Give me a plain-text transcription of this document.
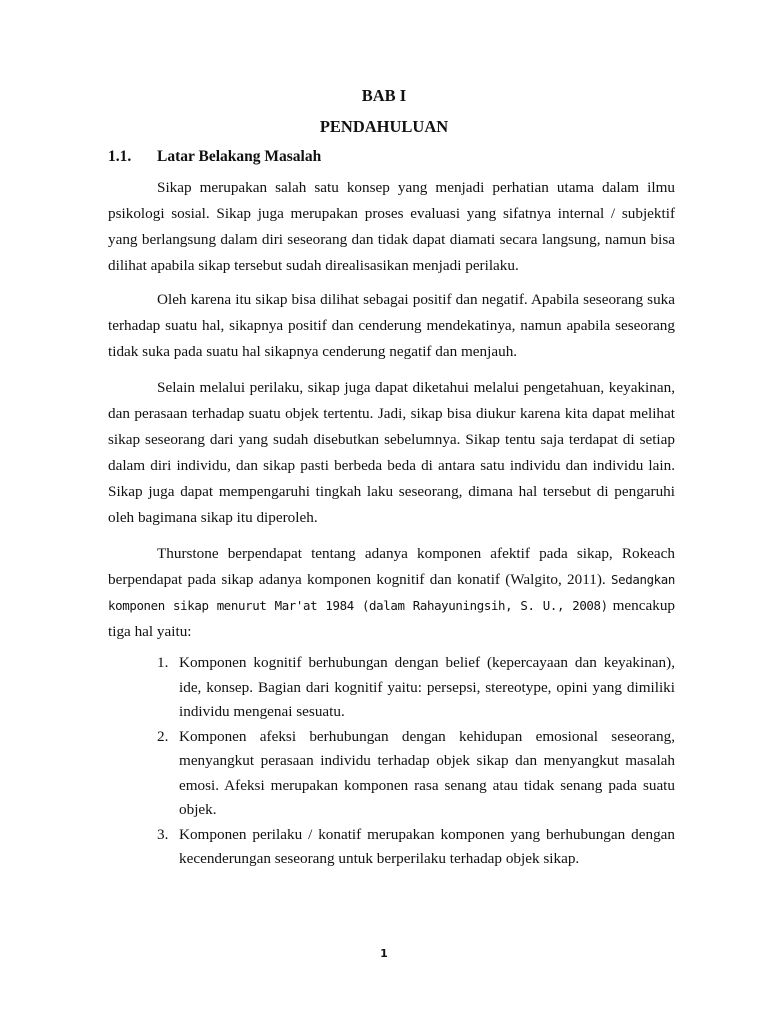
BAB I
PENDAHULUAN
1.1. Latar Belakang Masalah

Sikap merupakan salah satu konsep yang menjadi perhatian utama dalam ilmu psikologi sosial. Sikap juga merupakan proses evaluasi yang sifatnya internal / subjektif yang berlangsung dalam diri seseorang dan tidak dapat diamati secara langsung, namun bisa dilihat apabila sikap tersebut sudah direalisasikan menjadi perilaku.

Oleh karena itu sikap bisa dilihat sebagai positif dan negatif. Apabila seseorang suka terhadap suatu hal, sikapnya positif dan cenderung mendekatinya, namun apabila seseorang tidak suka pada suatu hal sikapnya cenderung negatif dan menjauh.

Selain melalui perilaku, sikap juga dapat diketahui melalui pengetahuan, keyakinan, dan perasaan terhadap suatu objek tertentu. Jadi, sikap bisa diukur karena kita dapat melihat sikap seseorang dari yang sudah disebutkan sebelumnya. Sikap tentu saja terdapat di setiap dalam diri individu, dan sikap pasti berbeda beda di antara satu individu dan individu lain. Sikap juga dapat mempengaruhi tingkah laku seseorang, dimana hal tersebut di pengaruhi oleh bagimana sikap itu diperoleh.

Thurstone berpendapat tentang adanya komponen afektif pada sikap, Rokeach berpendapat pada sikap adanya komponen kognitif dan konatif (Walgito, 2011). Sedangkan komponen sikap menurut Mar'at 1984 (dalam Rahayuningsih, S. U., 2008) mencakup tiga hal yaitu:

1. Komponen kognitif berhubungan dengan belief (kepercayaan dan keyakinan), ide, konsep. Bagian dari kognitif yaitu: persepsi, stereotype, opini yang dimiliki individu mengenai sesuatu.
2. Komponen afeksi berhubungan dengan kehidupan emosional seseorang, menyangkut perasaan individu terhadap objek sikap dan menyangkut masalah emosi. Afeksi merupakan komponen rasa senang atau tidak senang pada suatu objek.
3. Komponen perilaku / konatif merupakan komponen yang berhubungan dengan kecenderungan seseorang untuk berperilaku terhadap objek sikap.
1
